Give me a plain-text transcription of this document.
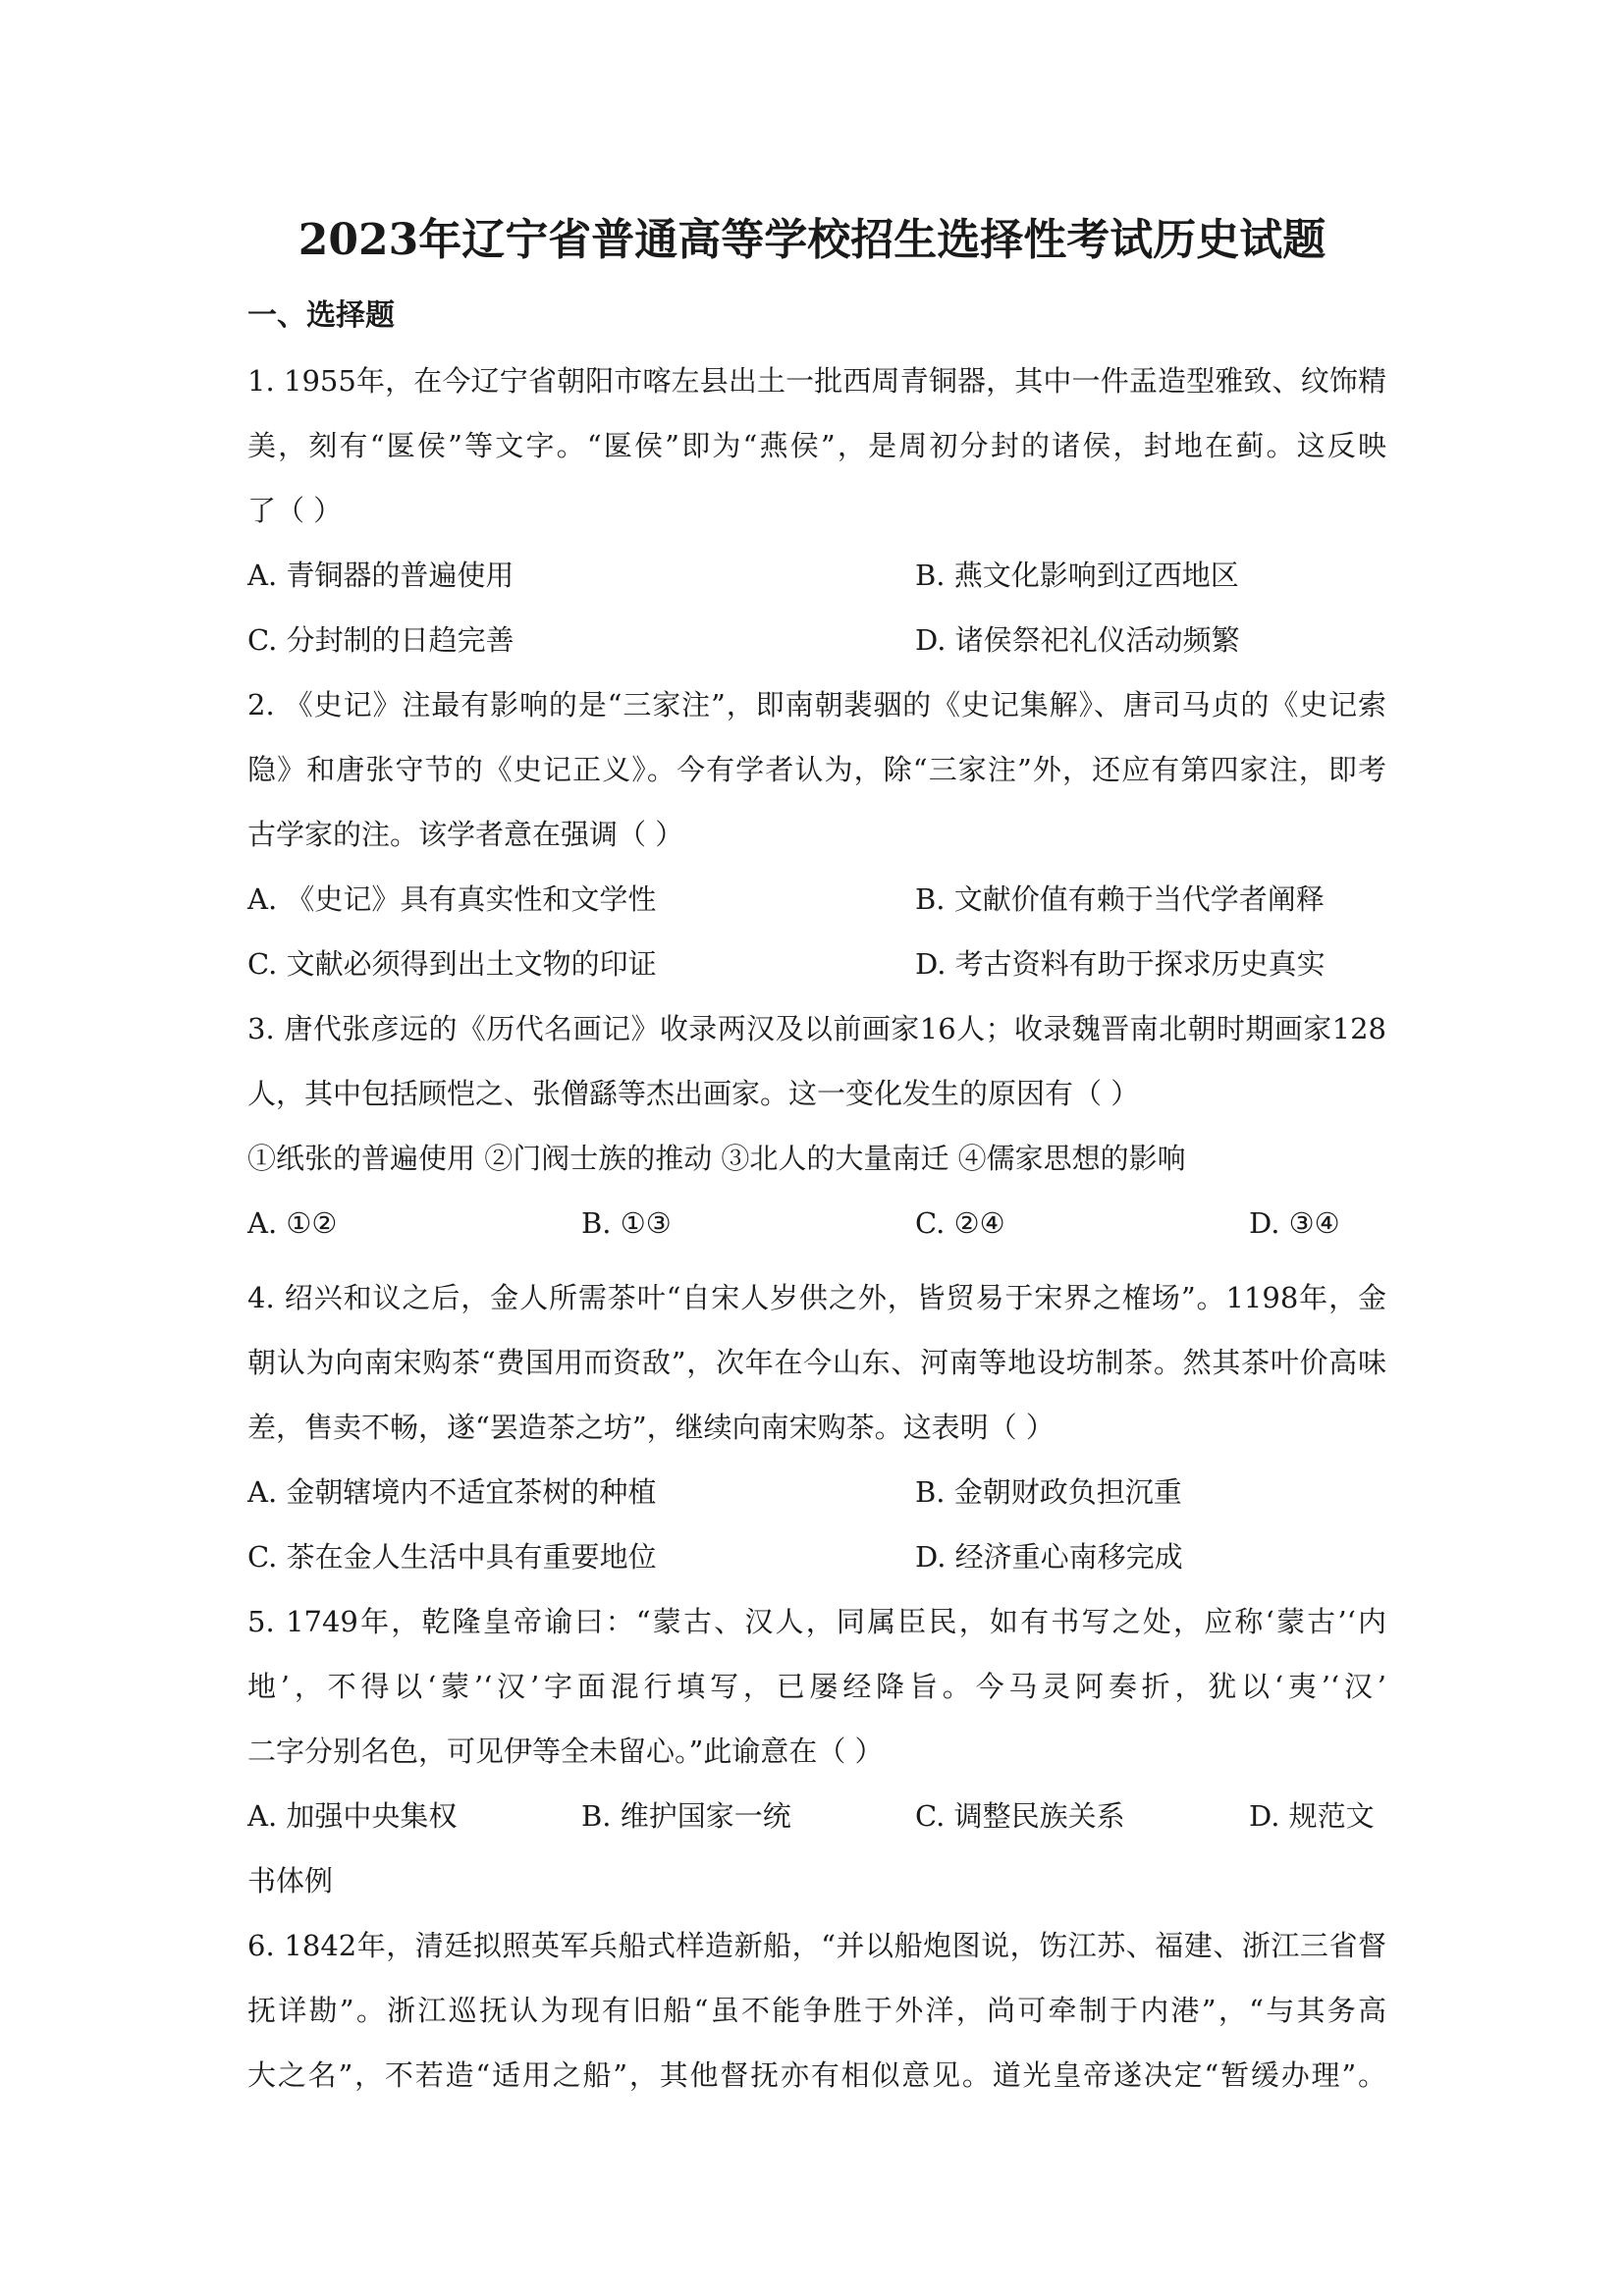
2023年辽宁省普通高等学校招生选择性考试历史试题
一、选择题
1. 1955年，在今辽宁省朝阳市喀左县出土一批西周青铜器，其中一件盂造型雅致、纹饰精
美，刻有“匽侯”等文字。“匽侯”即为“燕侯”，是周初分封的诸侯，封地在蓟。这反映
了（ ）
A. 青铜器的普遍使用	B. 燕文化影响到辽西地区
C. 分封制的日趋完善	D. 诸侯祭祀礼仪活动频繁
2. 《史记》注最有影响的是“三家注”，即南朝裴骃的《史记集解》、唐司马贞的《史记索
隐》和唐张守节的《史记正义》。今有学者认为，除“三家注”外，还应有第四家注，即考
古学家的注。该学者意在强调（ ）
A. 《史记》具有真实性和文学性	B. 文献价值有赖于当代学者阐释
C. 文献必须得到出土文物的印证	D. 考古资料有助于探求历史真实
3. 唐代张彦远的《历代名画记》收录两汉及以前画家16人；收录魏晋南北朝时期画家128
人，其中包括顾恺之、张僧繇等杰出画家。这一变化发生的原因有（ ）
①纸张的普遍使用 ②门阀士族的推动 ③北人的大量南迁 ④儒家思想的影响
A. ①②	B. ①③	C. ②④	D. ③④
4. 绍兴和议之后，金人所需茶叶“自宋人岁供之外，皆贸易于宋界之榷场”。1198年，金
朝认为向南宋购茶“费国用而资敌”，次年在今山东、河南等地设坊制茶。然其茶叶价高味
差，售卖不畅，遂“罢造茶之坊”，继续向南宋购茶。这表明（ ）
A. 金朝辖境内不适宜茶树的种植	B. 金朝财政负担沉重
C. 茶在金人生活中具有重要地位	D. 经济重心南移完成
5. 1749年，乾隆皇帝谕曰：“蒙古、汉人，同属臣民，如有书写之处，应称‘蒙古’‘内
地’，不得以‘蒙’‘汉’字面混行填写，已屡经降旨。今马灵阿奏折，犹以‘夷’‘汉’
二字分别名色，可见伊等全未留心。”此谕意在（ ）
A. 加强中央集权	B. 维护国家一统	C. 调整民族关系	D. 规范文
书体例
6. 1842年，清廷拟照英军兵船式样造新船，“并以船炮图说，饬江苏、福建、浙江三省督
抚详勘”。浙江巡抚认为现有旧船“虽不能争胜于外洋，尚可牵制于内港”，“与其务高
大之名”，不若造“适用之船”，其他督抚亦有相似意见。道光皇帝遂决定“暂缓办理”。
